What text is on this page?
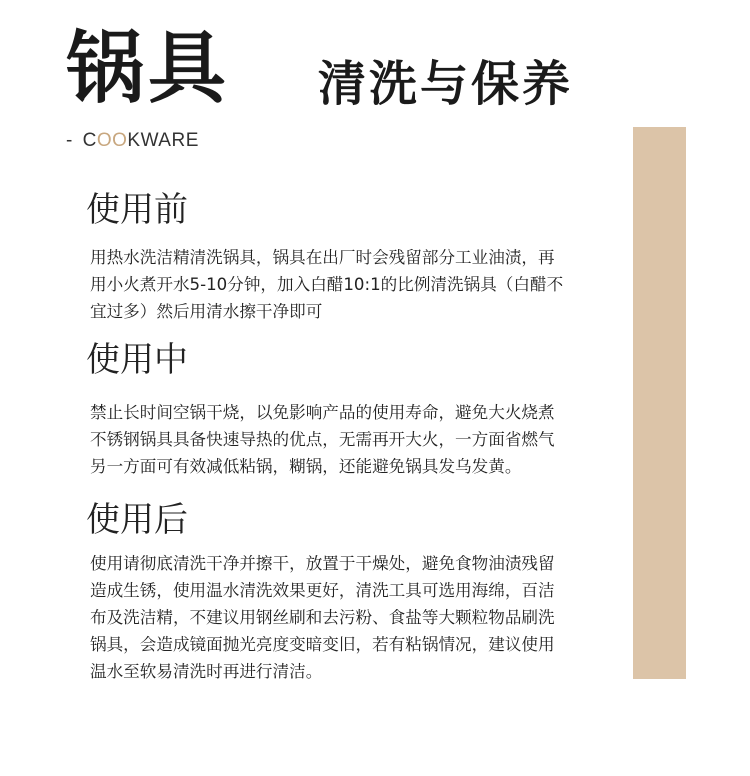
锅具 清洗与保养
- COOKWARE
使用前
用热水洗洁精清洗锅具，锅具在出厂时会残留部分工业油渍，再
用小火煮开水5-10分钟，加入白醋10:1的比例清洗锅具（白醋不
宜过多）然后用清水擦干净即可
使用中
禁止长时间空锅干烧，以免影响产品的使用寿命，避免大火烧煮
不锈钢锅具具备快速导热的优点，无需再开大火，一方面省燃气
另一方面可有效减低粘锅，糊锅，还能避免锅具发乌发黄。
使用后
使用请彻底清洗干净并擦干，放置于干燥处，避免食物油渍残留
造成生锈，使用温水清洗效果更好，清洗工具可选用海绵，百洁
布及洗洁精，不建议用钢丝刷和去污粉、食盐等大颗粒物品刷洗
锅具，会造成镜面抛光亮度变暗变旧，若有粘锅情况，建议使用
温水至软易清洗时再进行清洁。
